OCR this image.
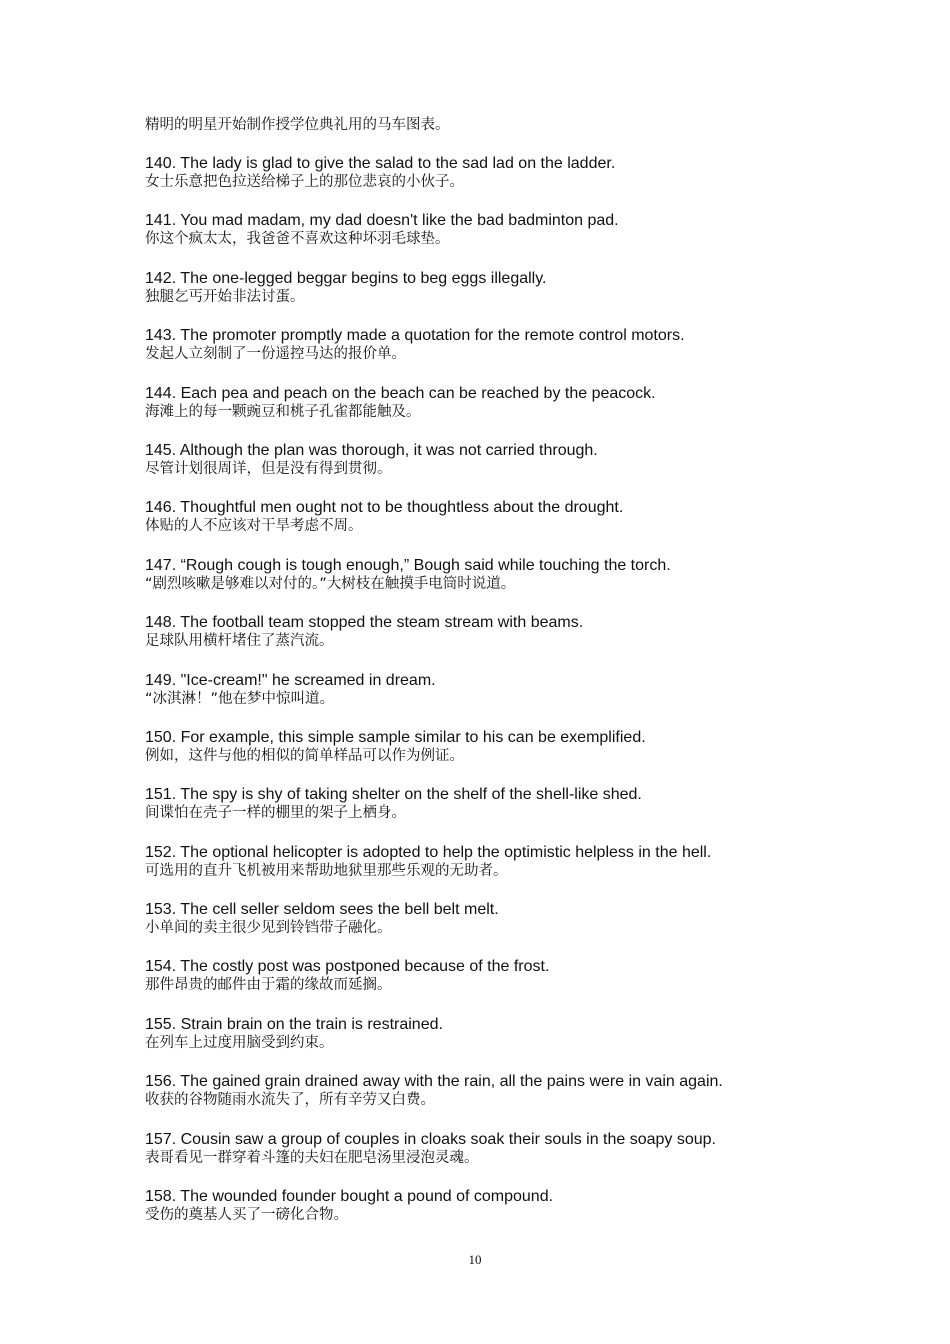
精明的明星开始制作授学位典礼用的马车图表。
140. The lady is glad to give the salad to the sad lad on the ladder.
女士乐意把色拉送给梯子上的那位悲哀的小伙子。
141. You mad madam, my dad doesn't like the bad badminton pad.
你这个疯太太，我爸爸不喜欢这种坏羽毛球垫。
142. The one-legged beggar begins to beg eggs illegally.
独腿乞丐开始非法讨蛋。
143. The promoter promptly made a quotation for the remote control motors.
发起人立刻制了一份遥控马达的报价单。
144. Each pea and peach on the beach can be reached by the peacock.
海滩上的每一颗豌豆和桃子孔雀都能触及。
145. Although the plan was thorough, it was not carried through.
尽管计划很周详，但是没有得到贯彻。
146. Thoughtful men ought not to be thoughtless about the drought.
体贴的人不应该对干旱考虑不周。
147. “Rough cough is tough enough,” Bough said while touching the torch.
“剧烈咳嗽是够难以对付的。”大树枝在触摸手电筒时说道。
148. The football team stopped the steam stream with beams.
足球队用横杆堵住了蒸汽流。
149. "Ice-cream!" he screamed in dream.
“冰淇淋！”他在梦中惊叫道。
150. For example, this simple sample similar to his can be exemplified.
例如，这件与他的相似的简单样品可以作为例证。
151. The spy is shy of taking shelter on the shelf of the shell-like shed.
间谍怕在壳子一样的棚里的架子上栖身。
152. The optional helicopter is adopted to help the optimistic helpless in the hell.
可选用的直升飞机被用来帮助地狱里那些乐观的无助者。
153. The cell seller seldom sees the bell belt melt.
小单间的卖主很少见到铃铛带子融化。
154. The costly post was postponed because of the frost.
那件昂贵的邮件由于霜的缘故而延搁。
155. Strain brain on the train is restrained.
在列车上过度用脑受到约束。
156. The gained grain drained away with the rain, all the pains were in vain again.
收获的谷物随雨水流失了，所有辛劳又白费。
157. Cousin saw a group of couples in cloaks soak their souls in the soapy soup.
表哥看见一群穿着斗篷的夫妇在肥皂汤里浸泡灵魂。
158. The wounded founder bought a pound of compound.
受伤的奠基人买了一磅化合物。
10
